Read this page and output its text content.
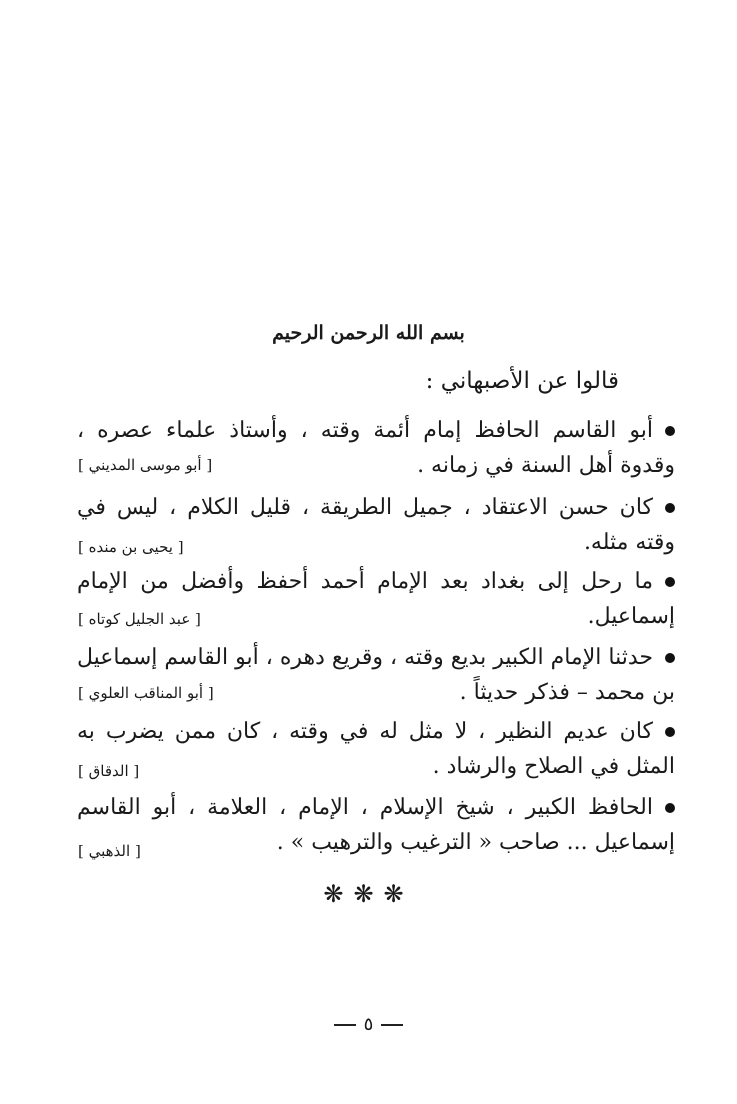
بسم الله الرحمن الرحيم
قالوا عن الأصبهاني :
أبو القاسم الحافظ إمام أئمة وقته ، وأستاذ علماء عصره ، وقدوة أهل السنة في زمانه .
[ أبو موسى المديني ]
كان حسن الاعتقاد ، جميل الطريقة ، قليل الكلام ، ليس في وقته مثله.
[ يحيى بن منده ]
ما رحل إلى بغداد بعد الإمام أحمد أحفظ وأفضل من الإمام إسماعيل.
[ عبد الجليل كوتاه ]
حدثنا الإمام الكبير بديع وقته ، وقريع دهره ، أبو القاسم إسماعيل بن محمد – فذكر حديثاً .
[ أبو المناقب العلوي ]
كان عديم النظير ، لا مثل له في وقته ، كان ممن يضرب به المثل في الصلاح والرشاد .
[ الدقاق ]
الحافظ الكبير ، شيخ الإسلام ، الإمام ، العلامة ، أبو القاسم إسماعيل ... صاحب « الترغيب والترهيب » .
[ الذهبي ]
❋❋❋
٥
